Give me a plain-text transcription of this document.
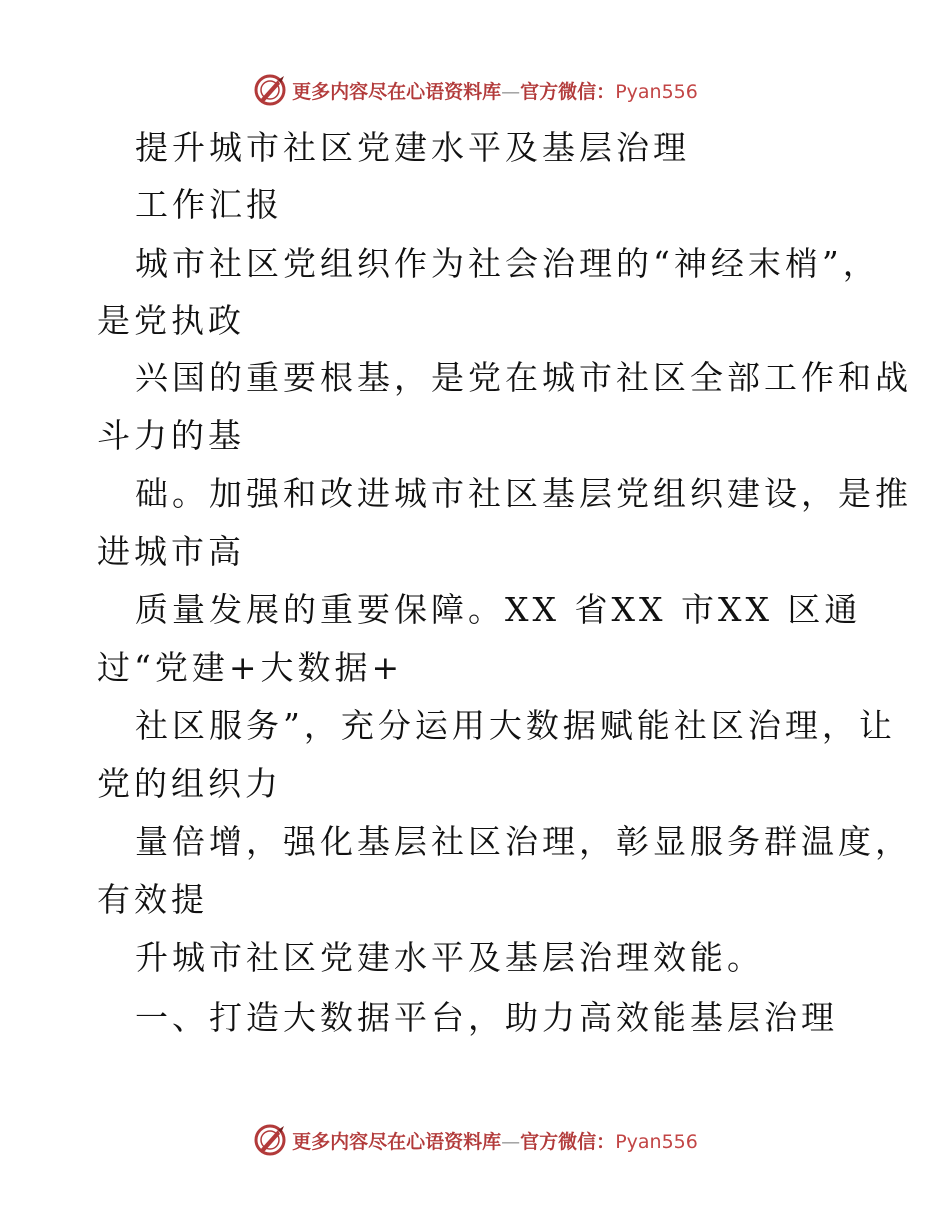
更多内容尽在心语资料库—官方微信：Pyan556
提升城市社区党建水平及基层治理
工作汇报
城市社区党组织作为社会治理的“神经末梢”，
是党执政
兴国的重要根基，是党在城市社区全部工作和战
斗力的基
础。加强和改进城市社区基层党组织建设，是推
进城市高
质量发展的重要保障。XX 省XX 市XX 区通
过“党建+大数据+
社区服务”，充分运用大数据赋能社区治理，让
党的组织力
量倍增，强化基层社区治理，彰显服务群温度，
有效提
升城市社区党建水平及基层治理效能。
一、打造大数据平台，助力高效能基层治理
更多内容尽在心语资料库—官方微信：Pyan556
